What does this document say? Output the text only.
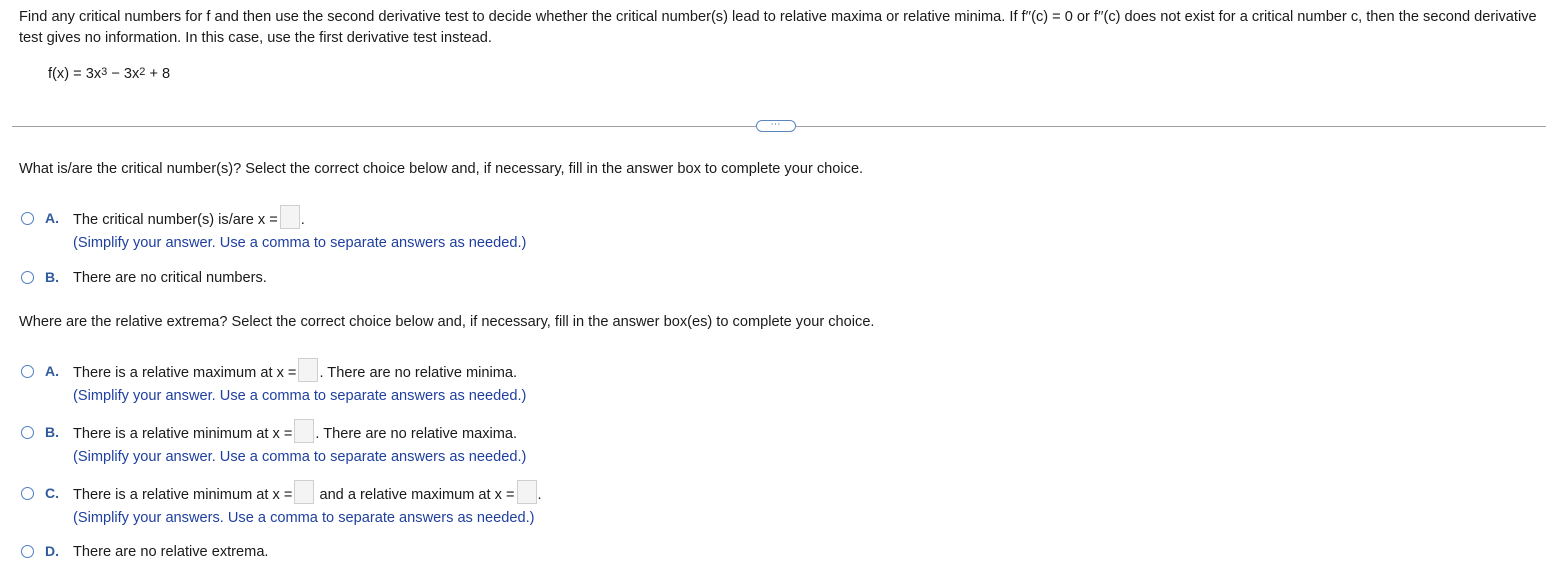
Find any critical numbers for f and then use the second derivative test to decide whether the critical number(s) lead to relative maxima or relative minima. If f′′(c) = 0 or f′′(c) does not exist for a critical number c, then the second derivative test gives no information. In this case, use the first derivative test instead.
$f(x) = 3x^3 - 3x^2 + 8$
⋯
What is/are the critical number(s)? Select the correct choice below and, if necessary, fill in the answer box to complete your choice.
A. The critical number(s) is/are x = .
(Simplify your answer. Use a comma to separate answers as needed.)
B. There are no critical numbers.
Where are the relative extrema? Select the correct choice below and, if necessary, fill in the answer box(es) to complete your choice.
A. There is a relative maximum at x = . There are no relative minima.
(Simplify your answer. Use a comma to separate answers as needed.)
B. There is a relative minimum at x = . There are no relative maxima.
(Simplify your answer. Use a comma to separate answers as needed.)
C. There is a relative minimum at x = and a relative maximum at x = .
(Simplify your answers. Use a comma to separate answers as needed.)
D. There are no relative extrema.
